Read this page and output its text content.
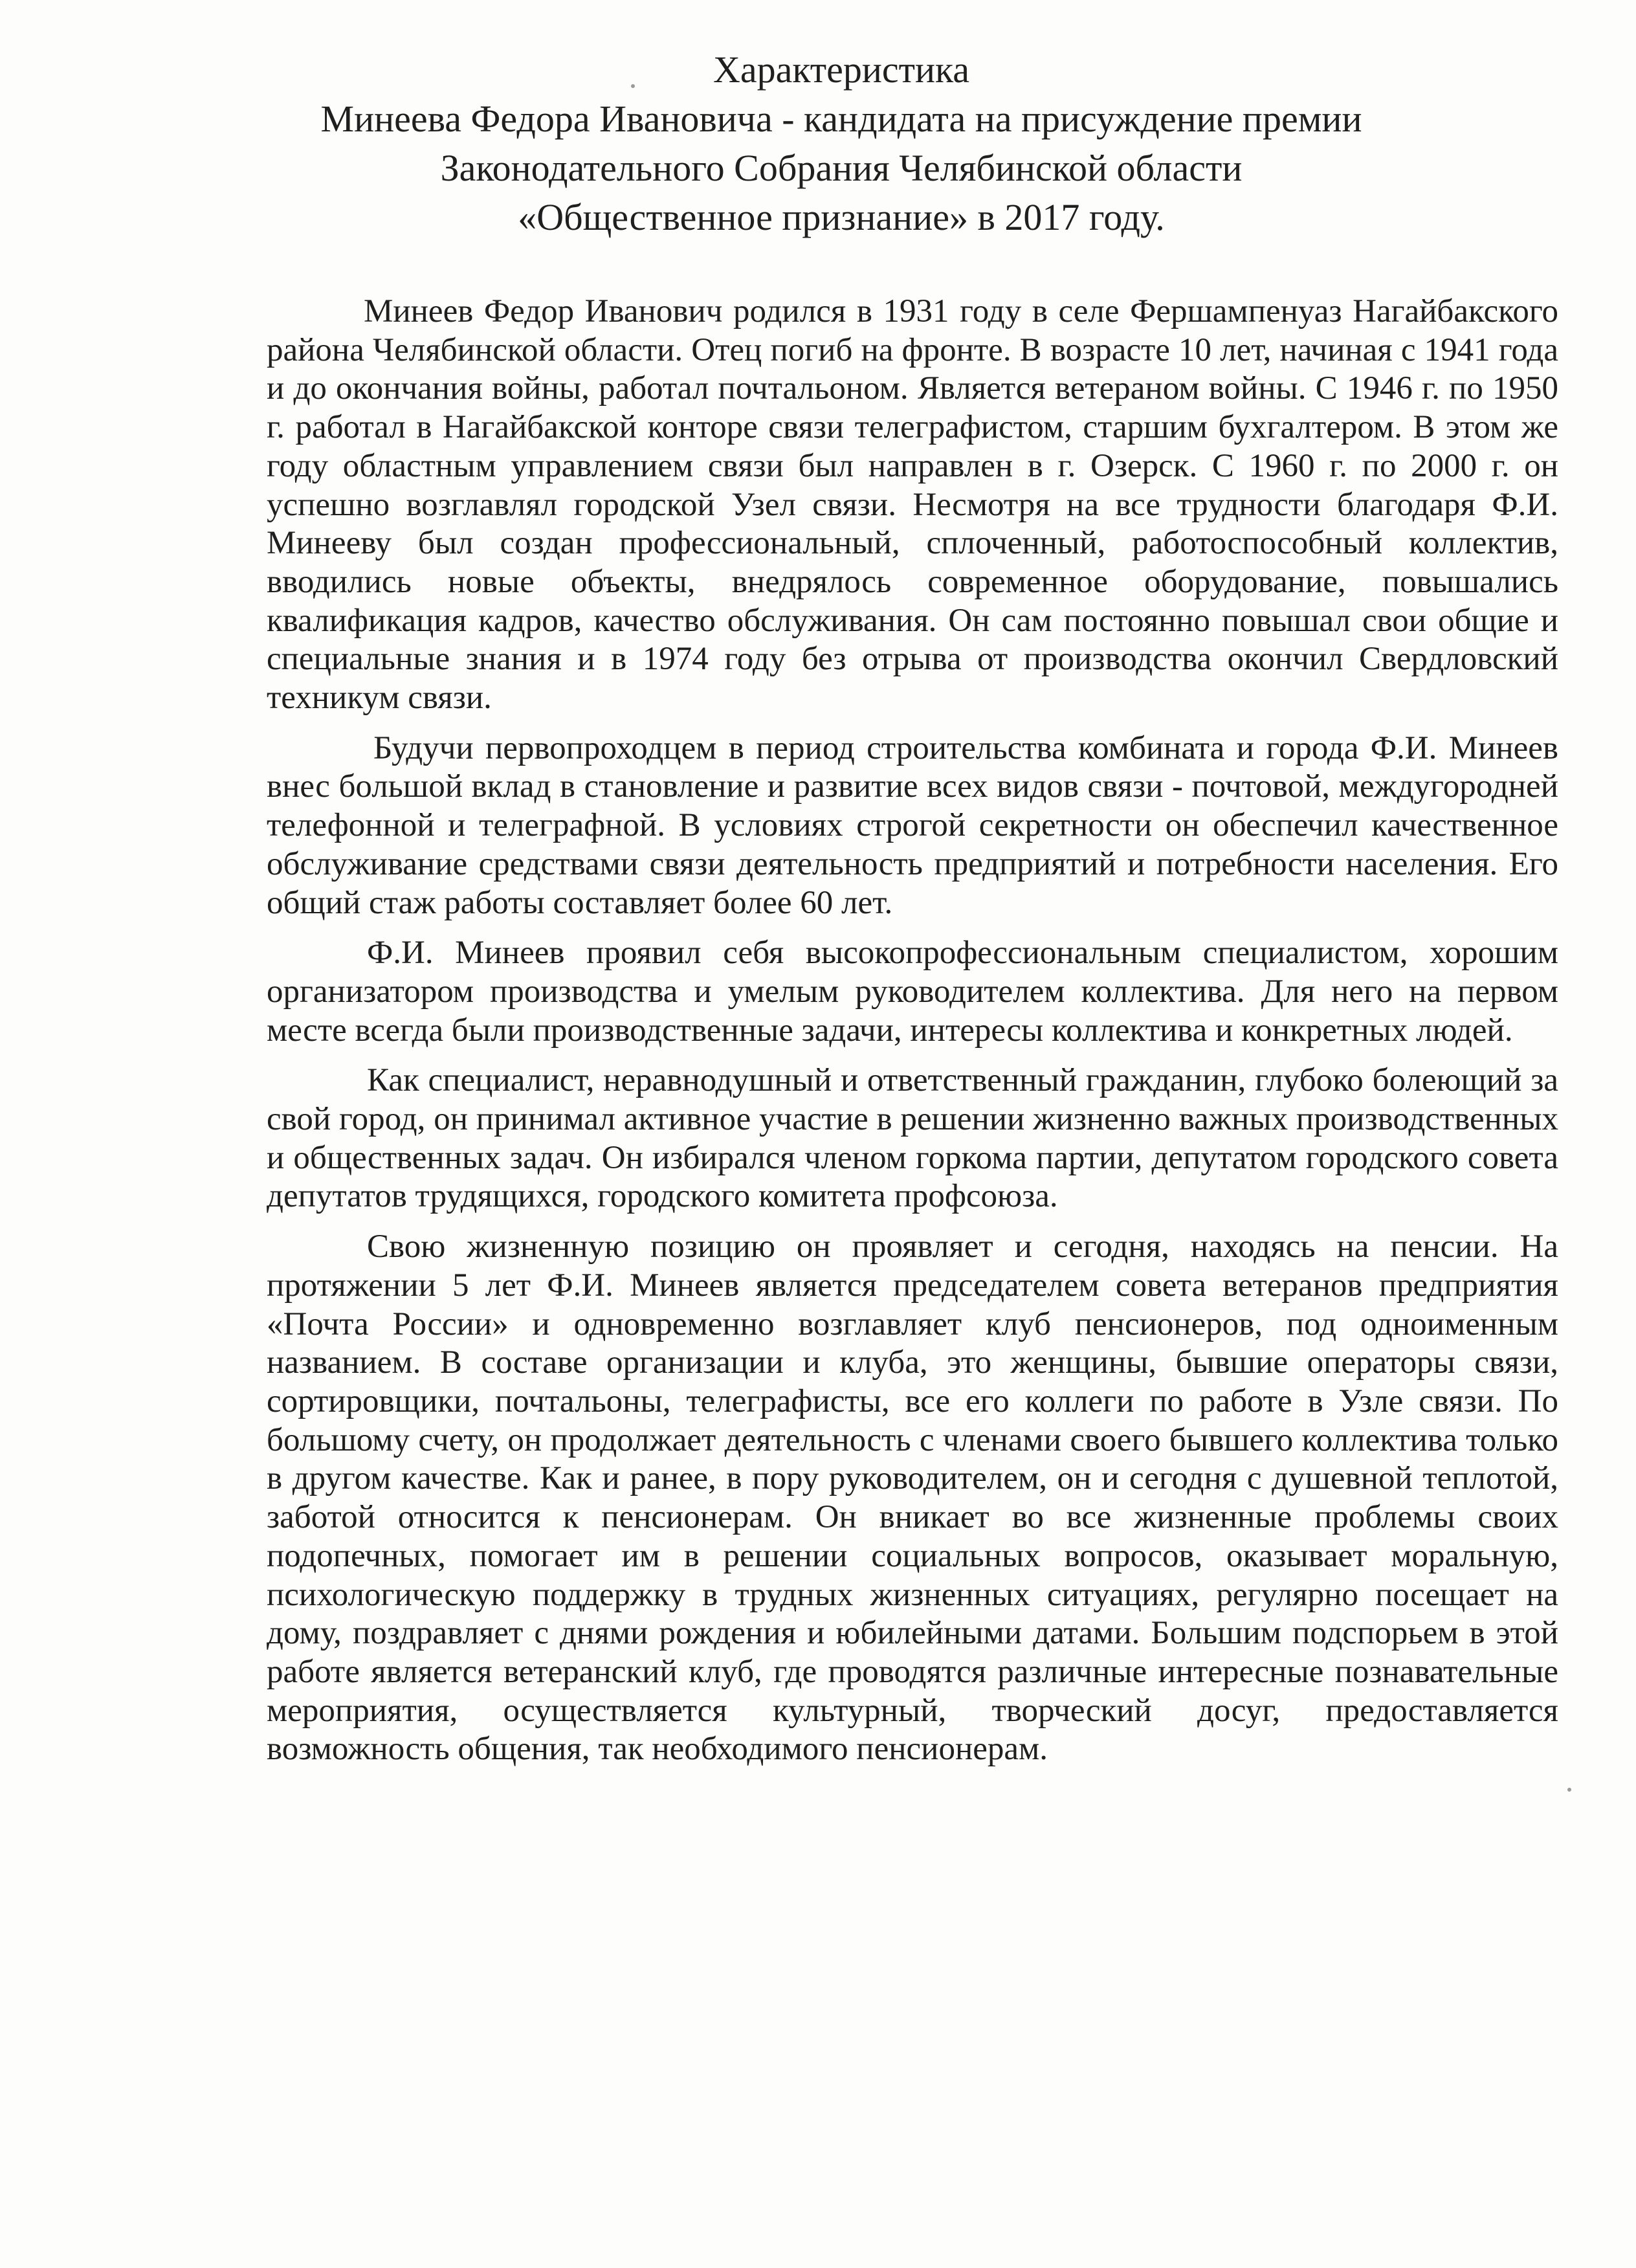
Характеристика
Минеева Федора Ивановича - кандидата на присуждение премии
Законодательного Собрания Челябинской области
«Общественное признание» в 2017 году.

Минеев Федор Иванович родился в 1931 году в селе Фершампенуаз Нагайбакского района Челябинской области. Отец погиб на фронте. В возрасте 10 лет, начиная с 1941 года и до окончания войны, работал почтальоном. Является ветераном войны. С 1946 г. по 1950 г. работал в Нагайбакской конторе связи телеграфистом, старшим бухгалтером. В этом же году областным управлением связи был направлен в г. Озерск. С 1960 г. по 2000 г. он успешно возглавлял городской Узел связи. Несмотря на все трудности благодаря Ф.И. Минееву был создан профессиональный, сплоченный, работоспособный коллектив, вводились новые объекты, внедрялось современное оборудование, повышались квалификация кадров, качество обслуживания. Он сам постоянно повышал свои общие и специальные знания и в 1974 году без отрыва от производства окончил Свердловский техникум связи.

Будучи первопроходцем в период строительства комбината и города Ф.И. Минеев внес большой вклад в становление и развитие всех видов связи - почтовой, междугородней телефонной и телеграфной. В условиях строгой секретности он обеспечил качественное обслуживание средствами связи деятельность предприятий и потребности населения. Его общий стаж работы составляет более 60 лет.

Ф.И. Минеев проявил себя высокопрофессиональным специалистом, хорошим организатором производства и умелым руководителем коллектива. Для него на первом месте всегда были производственные задачи, интересы коллектива и конкретных людей.

Как специалист, неравнодушный и ответственный гражданин, глубоко болеющий за свой город, он принимал активное участие в решении жизненно важных производственных и общественных задач. Он избирался членом горкома партии, депутатом городского совета депутатов трудящихся, городского комитета профсоюза.

Свою жизненную позицию он проявляет и сегодня, находясь на пенсии. На протяжении 5 лет Ф.И. Минеев является председателем совета ветеранов предприятия «Почта России» и одновременно возглавляет клуб пенсионеров, под одноименным названием. В составе организации и клуба, это женщины, бывшие операторы связи, сортировщики, почтальоны, телеграфисты, все его коллеги по работе в Узле связи. По большому счету, он продолжает деятельность с членами своего бывшего коллектива только в другом качестве. Как и ранее, в пору руководителем, он и сегодня с душевной теплотой, заботой относится к пенсионерам. Он вникает во все жизненные проблемы своих подопечных, помогает им в решении социальных вопросов, оказывает моральную, психологическую поддержку в трудных жизненных ситуациях, регулярно посещает на дому, поздравляет с днями рождения и юбилейными датами. Большим подспорьем в этой работе является ветеранский клуб, где проводятся различные интересные познавательные мероприятия, осуществляется культурный, творческий досуг, предоставляется возможность общения, так необходимого пенсионерам.
